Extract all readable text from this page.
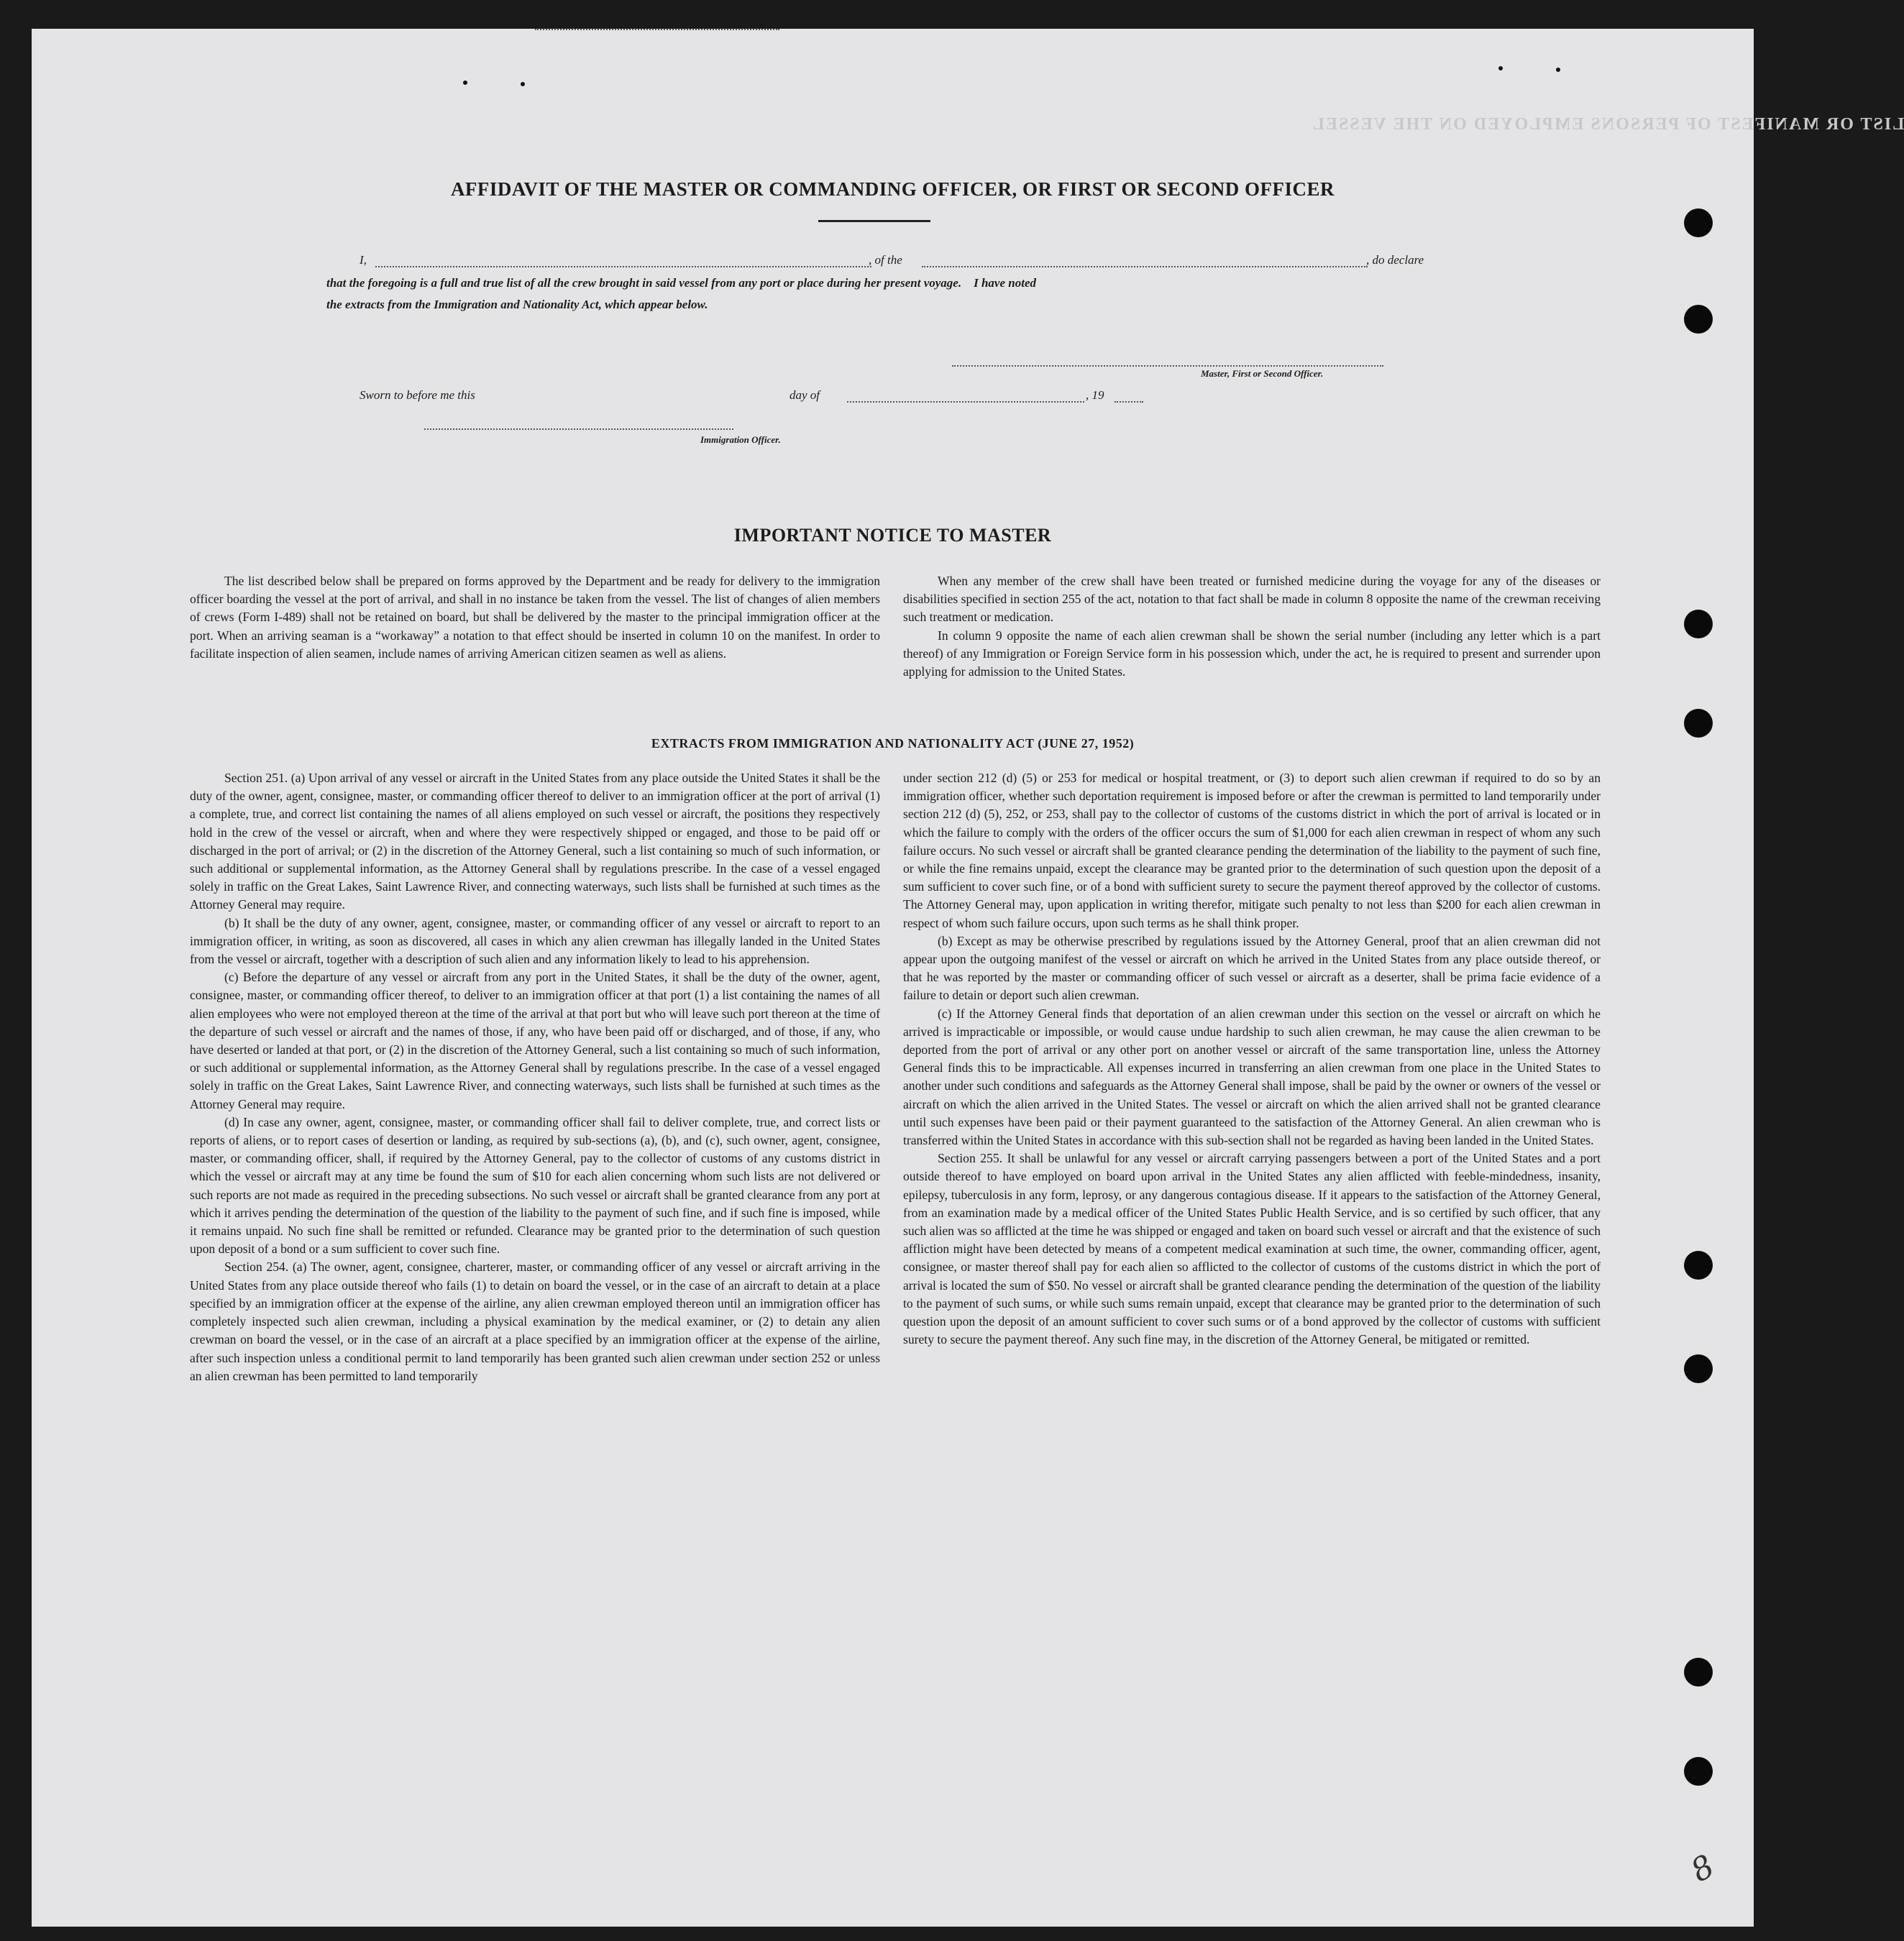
LIST OR MANIFEST OF PERSONS EMPLOYED ON THE VESSEL
AFFIDAVIT OF THE MASTER OR COMMANDING OFFICER, OR FIRST OR SECOND OFFICER
I,	, of the	, do declare
that the foregoing is a full and true list of all the crew brought in said vessel from any port or place during her present voyage.    I have noted
the extracts from the Immigration and Nationality Act, which appear below.
Master, First or Second Officer.
Sworn to before me this	day of	, 19
Immigration Officer.
IMPORTANT NOTICE TO MASTER

The list described below shall be prepared on forms approved by the Department and be ready for delivery to the immigration officer boarding the vessel at the port of arrival, and shall in no instance be taken from the vessel. The list of changes of alien members of crews (Form I-489) shall not be retained on board, but shall be delivered by the master to the principal immigration officer at the port. When an arriving seaman is a “workaway” a notation to that effect should be inserted in column 10 on the manifest. In order to facilitate inspection of alien seamen, include names of arriving American citizen seamen as well as aliens.

When any member of the crew shall have been treated or furnished medicine during the voyage for any of the diseases or disabilities specified in section 255 of the act, notation to that fact shall be made in column 8 opposite the name of the crewman receiving such treatment or medication.

In column 9 opposite the name of each alien crewman shall be shown the serial number (including any letter which is a part thereof) of any Immigration or Foreign Service form in his possession which, under the act, he is required to present and surrender upon applying for admission to the United States.

EXTRACTS FROM IMMIGRATION AND NATIONALITY ACT (JUNE 27, 1952)

Section 251. (a) Upon arrival of any vessel or aircraft in the United States from any place outside the United States it shall be the duty of the owner, agent, consignee, master, or commanding officer thereof to deliver to an immigration officer at the port of arrival (1) a complete, true, and correct list containing the names of all aliens employed on such vessel or aircraft, the positions they respectively hold in the crew of the vessel or aircraft, when and where they were respectively shipped or engaged, and those to be paid off or discharged in the port of arrival; or (2) in the discretion of the Attorney General, such a list containing so much of such information, or such additional or supplemental information, as the Attorney General shall by regulations prescribe. In the case of a vessel engaged solely in traffic on the Great Lakes, Saint Lawrence River, and connecting waterways, such lists shall be furnished at such times as the Attorney General may require.

(b) It shall be the duty of any owner, agent, consignee, master, or commanding officer of any vessel or aircraft to report to an immigration officer, in writing, as soon as discovered, all cases in which any alien crewman has illegally landed in the United States from the vessel or aircraft, together with a description of such alien and any information likely to lead to his apprehension.

(c) Before the departure of any vessel or aircraft from any port in the United States, it shall be the duty of the owner, agent, consignee, master, or commanding officer thereof, to deliver to an immigration officer at that port (1) a list containing the names of all alien employees who were not employed thereon at the time of the arrival at that port but who will leave such port thereon at the time of the departure of such vessel or aircraft and the names of those, if any, who have been paid off or discharged, and of those, if any, who have deserted or landed at that port, or (2) in the discretion of the Attorney General, such a list containing so much of such information, or such additional or supplemental information, as the Attorney General shall by regulations prescribe. In the case of a vessel engaged solely in traffic on the Great Lakes, Saint Lawrence River, and connecting waterways, such lists shall be furnished at such times as the Attorney General may require.

(d) In case any owner, agent, consignee, master, or commanding officer shall fail to deliver complete, true, and correct lists or reports of aliens, or to report cases of desertion or landing, as required by sub-sections (a), (b), and (c), such owner, agent, consignee, master, or commanding officer, shall, if required by the Attorney General, pay to the collector of customs of any customs district in which the vessel or aircraft may at any time be found the sum of $10 for each alien concerning whom such lists are not delivered or such reports are not made as required in the preceding subsections. No such vessel or aircraft shall be granted clearance from any port at which it arrives pending the determination of the question of the liability to the payment of such fine, and if such fine is imposed, while it remains unpaid. No such fine shall be remitted or refunded. Clearance may be granted prior to the determination of such question upon deposit of a bond or a sum sufficient to cover such fine.

Section 254. (a) The owner, agent, consignee, charterer, master, or commanding officer of any vessel or aircraft arriving in the United States from any place outside thereof who fails (1) to detain on board the vessel, or in the case of an aircraft to detain at a place specified by an immigration officer at the expense of the airline, any alien crewman employed thereon until an immigration officer has completely inspected such alien crewman, including a physical examination by the medical examiner, or (2) to detain any alien crewman on board the vessel, or in the case of an aircraft at a place specified by an immigration officer at the expense of the airline, after such inspection unless a conditional permit to land temporarily has been granted such alien crewman under section 252 or unless an alien crewman has been permitted to land temporarily

under section 212 (d) (5) or 253 for medical or hospital treatment, or (3) to deport such alien crewman if required to do so by an immigration officer, whether such deportation requirement is imposed before or after the crewman is permitted to land temporarily under section 212 (d) (5), 252, or 253, shall pay to the collector of customs of the customs district in which the port of arrival is located or in which the failure to comply with the orders of the officer occurs the sum of $1,000 for each alien crewman in respect of whom any such failure occurs. No such vessel or aircraft shall be granted clearance pending the determination of the liability to the payment of such fine, or while the fine remains unpaid, except the clearance may be granted prior to the determination of such question upon the deposit of a sum sufficient to cover such fine, or of a bond with sufficient surety to secure the payment thereof approved by the collector of customs. The Attorney General may, upon application in writing therefor, mitigate such penalty to not less than $200 for each alien crewman in respect of whom such failure occurs, upon such terms as he shall think proper.

(b) Except as may be otherwise prescribed by regulations issued by the Attorney General, proof that an alien crewman did not appear upon the outgoing manifest of the vessel or aircraft on which he arrived in the United States from any place outside thereof, or that he was reported by the master or commanding officer of such vessel or aircraft as a deserter, shall be prima facie evidence of a failure to detain or deport such alien crewman.

(c) If the Attorney General finds that deportation of an alien crewman under this section on the vessel or aircraft on which he arrived is impracticable or impossible, or would cause undue hardship to such alien crewman, he may cause the alien crewman to be deported from the port of arrival or any other port on another vessel or aircraft of the same transportation line, unless the Attorney General finds this to be impracticable. All expenses incurred in transferring an alien crewman from one place in the United States to another under such conditions and safeguards as the Attorney General shall impose, shall be paid by the owner or owners of the vessel or aircraft on which the alien arrived in the United States. The vessel or aircraft on which the alien arrived shall not be granted clearance until such expenses have been paid or their payment guaranteed to the satisfaction of the Attorney General. An alien crewman who is transferred within the United States in accordance with this sub-section shall not be regarded as having been landed in the United States.

Section 255. It shall be unlawful for any vessel or aircraft carrying passengers between a port of the United States and a port outside thereof to have employed on board upon arrival in the United States any alien afflicted with feeble-mindedness, insanity, epilepsy, tuberculosis in any form, leprosy, or any dangerous contagious disease. If it appears to the satisfaction of the Attorney General, from an examination made by a medical officer of the United States Public Health Service, and is so certified by such officer, that any such alien was so afflicted at the time he was shipped or engaged and taken on board such vessel or aircraft and that the existence of such affliction might have been detected by means of a competent medical examination at such time, the owner, commanding officer, agent, consignee, or master thereof shall pay for each alien so afflicted to the collector of customs of the customs district in which the port of arrival is located the sum of $50. No vessel or aircraft shall be granted clearance pending the determination of the question of the liability to the payment of such sums, or while such sums remain unpaid, except that clearance may be granted prior to the determination of such question upon the deposit of an amount sufficient to cover such sums or of a bond approved by the collector of customs with sufficient surety to secure the payment thereof. Any such fine may, in the discretion of the Attorney General, be mitigated or remitted.

8
